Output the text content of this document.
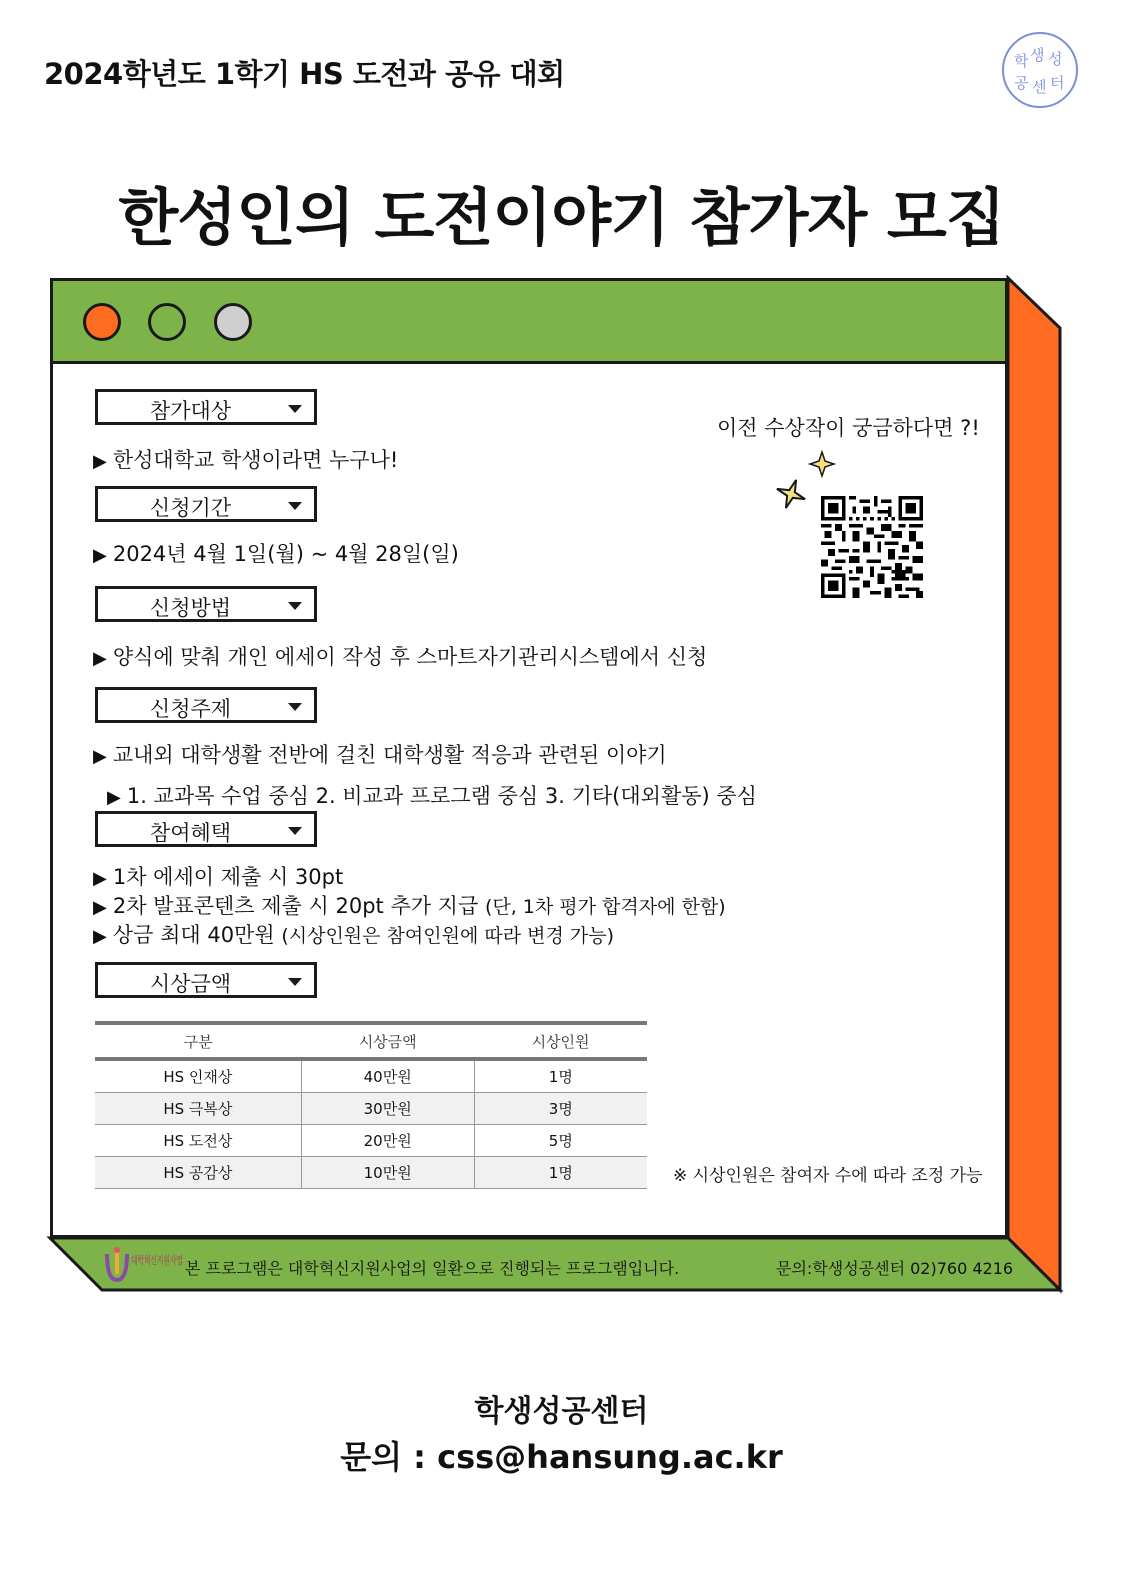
2024학년도 1학기 HS 도전과 공유 대회	학 생 성
공 센 터
한성인의 도전이야기 참가자 모집
참가대상
▶ 한성대학교 학생이라면 누구나!
신청기간
▶ 2024년 4월 1일(월) ~ 4월 28일(일)
신청방법
▶ 양식에 맞춰 개인 에세이 작성 후 스마트자기관리시스템에서 신청
신청주제
▶ 교내외 대학생활 전반에 걸친 대학생활 적응과 관련된 이야기
▶ 1. 교과목 수업 중심 2. 비교과 프로그램 중심 3. 기타(대외활동) 중심
참여혜택
▶ 1차 에세이 제출 시 30pt
▶ 2차 발표콘텐츠 제출 시 20pt 추가 지급 (단, 1차 평가 합격자에 한함)
▶ 상금 최대 40만원 (시상인원은 참여인원에 따라 변경 가능)
시상금액
구분	시상금액	시상인원
HS 인재상	40만원	1명
HS 극복상	30만원	3명
HS 도전상	20만원	5명
HS 공감상	10만원	1명
이전 수상작이 궁금하다면 ?!
※ 시상인원은 참여자 수에 따라 조정 가능
대학혁신지원사업
본 프로그램은 대학혁신지원사업의 일환으로 진행되는 프로그램입니다.	문의:학생성공센터 02)760 4216
학생성공센터
문의 : css@hansung.ac.kr
